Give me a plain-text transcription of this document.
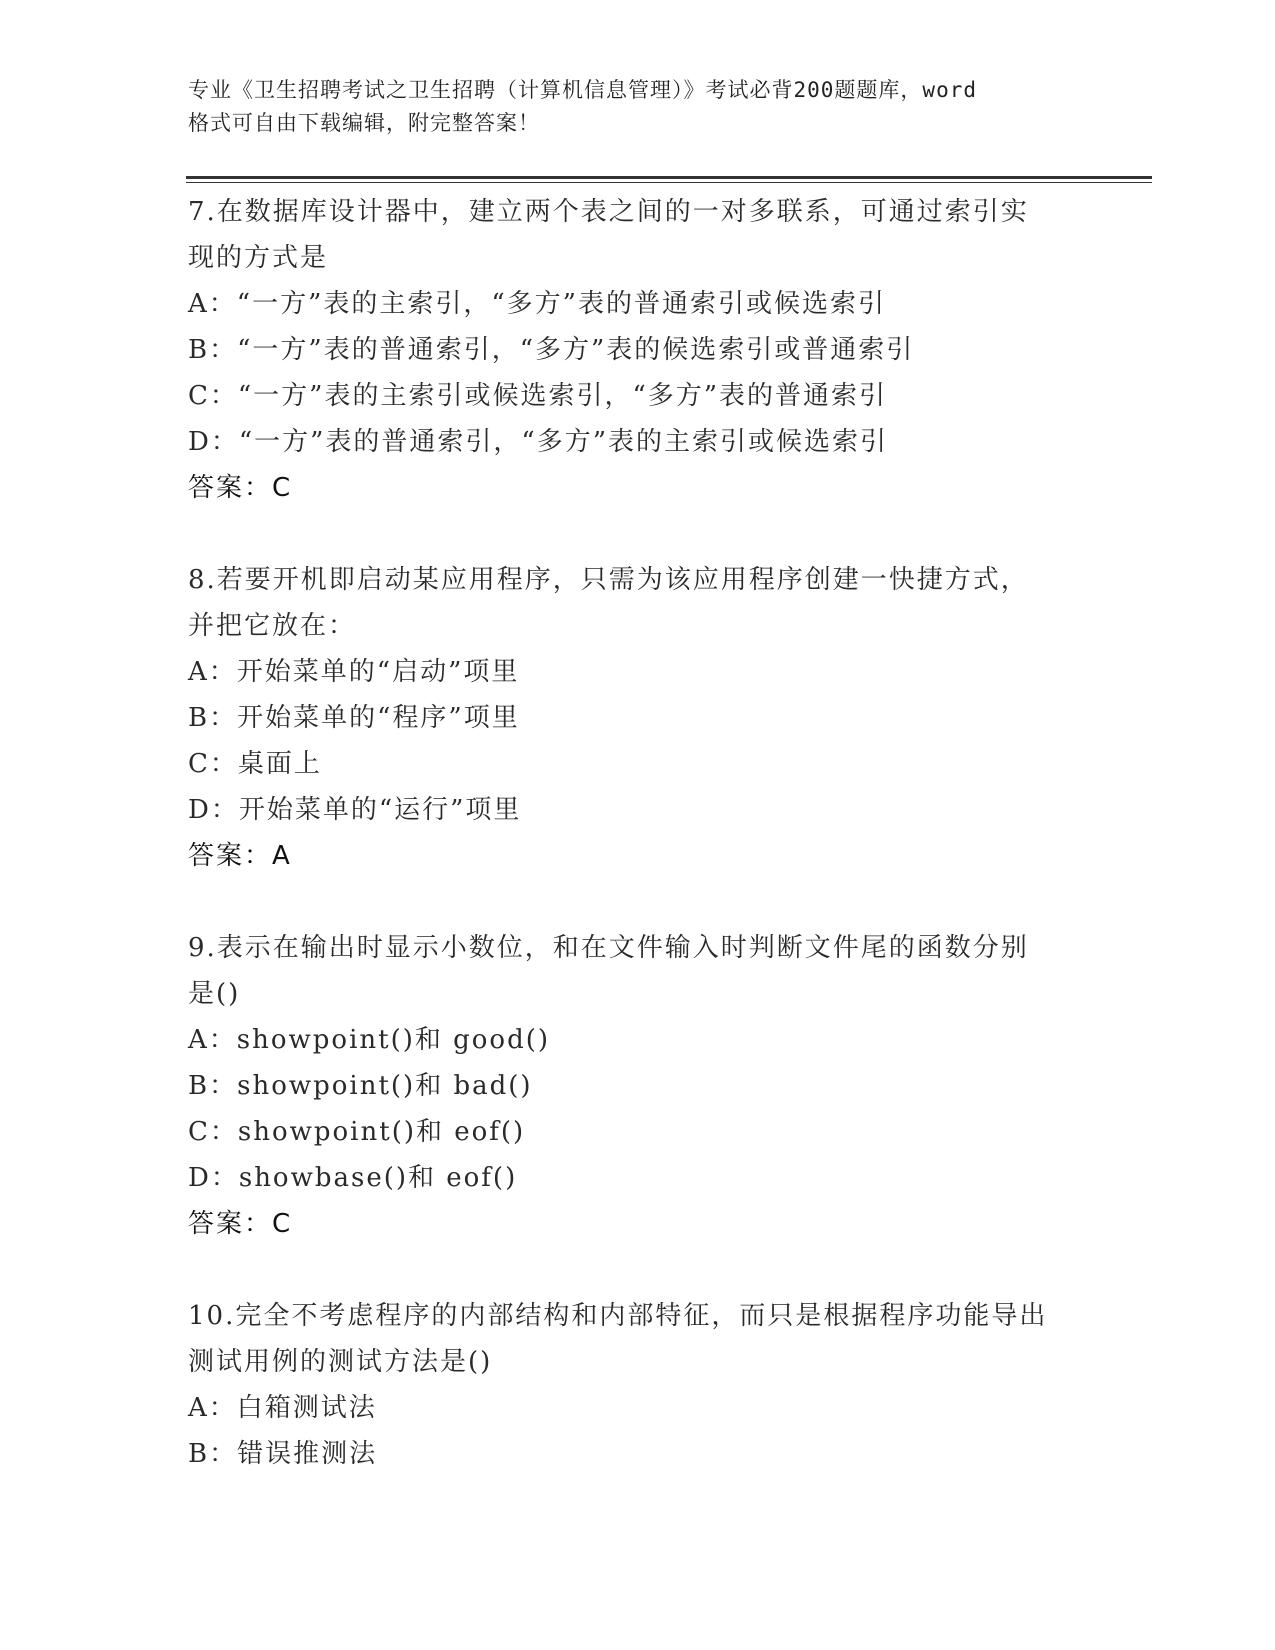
专业《卫生招聘考试之卫生招聘（计算机信息管理）》考试必背200题题库，word
格式可自由下载编辑，附完整答案！
7.在数据库设计器中，建立两个表之间的一对多联系，可通过索引实
现的方式是
A：“一方”表的主索引，“多方”表的普通索引或候选索引
B：“一方”表的普通索引，“多方”表的候选索引或普通索引
C：“一方”表的主索引或候选索引，“多方”表的普通索引
D：“一方”表的普通索引，“多方”表的主索引或候选索引
答案：C
8.若要开机即启动某应用程序，只需为该应用程序创建一快捷方式，
并把它放在：
A：开始菜单的“启动”项里
B：开始菜单的“程序”项里
C：桌面上
D：开始菜单的“运行”项里
答案：A
9.表示在输出时显示小数位，和在文件输入时判断文件尾的函数分别
是()
A：showpoint()和 good()
B：showpoint()和 bad()
C：showpoint()和 eof()
D：showbase()和 eof()
答案：C
10.完全不考虑程序的内部结构和内部特征，而只是根据程序功能导出
测试用例的测试方法是()
A：白箱测试法
B：错误推测法
